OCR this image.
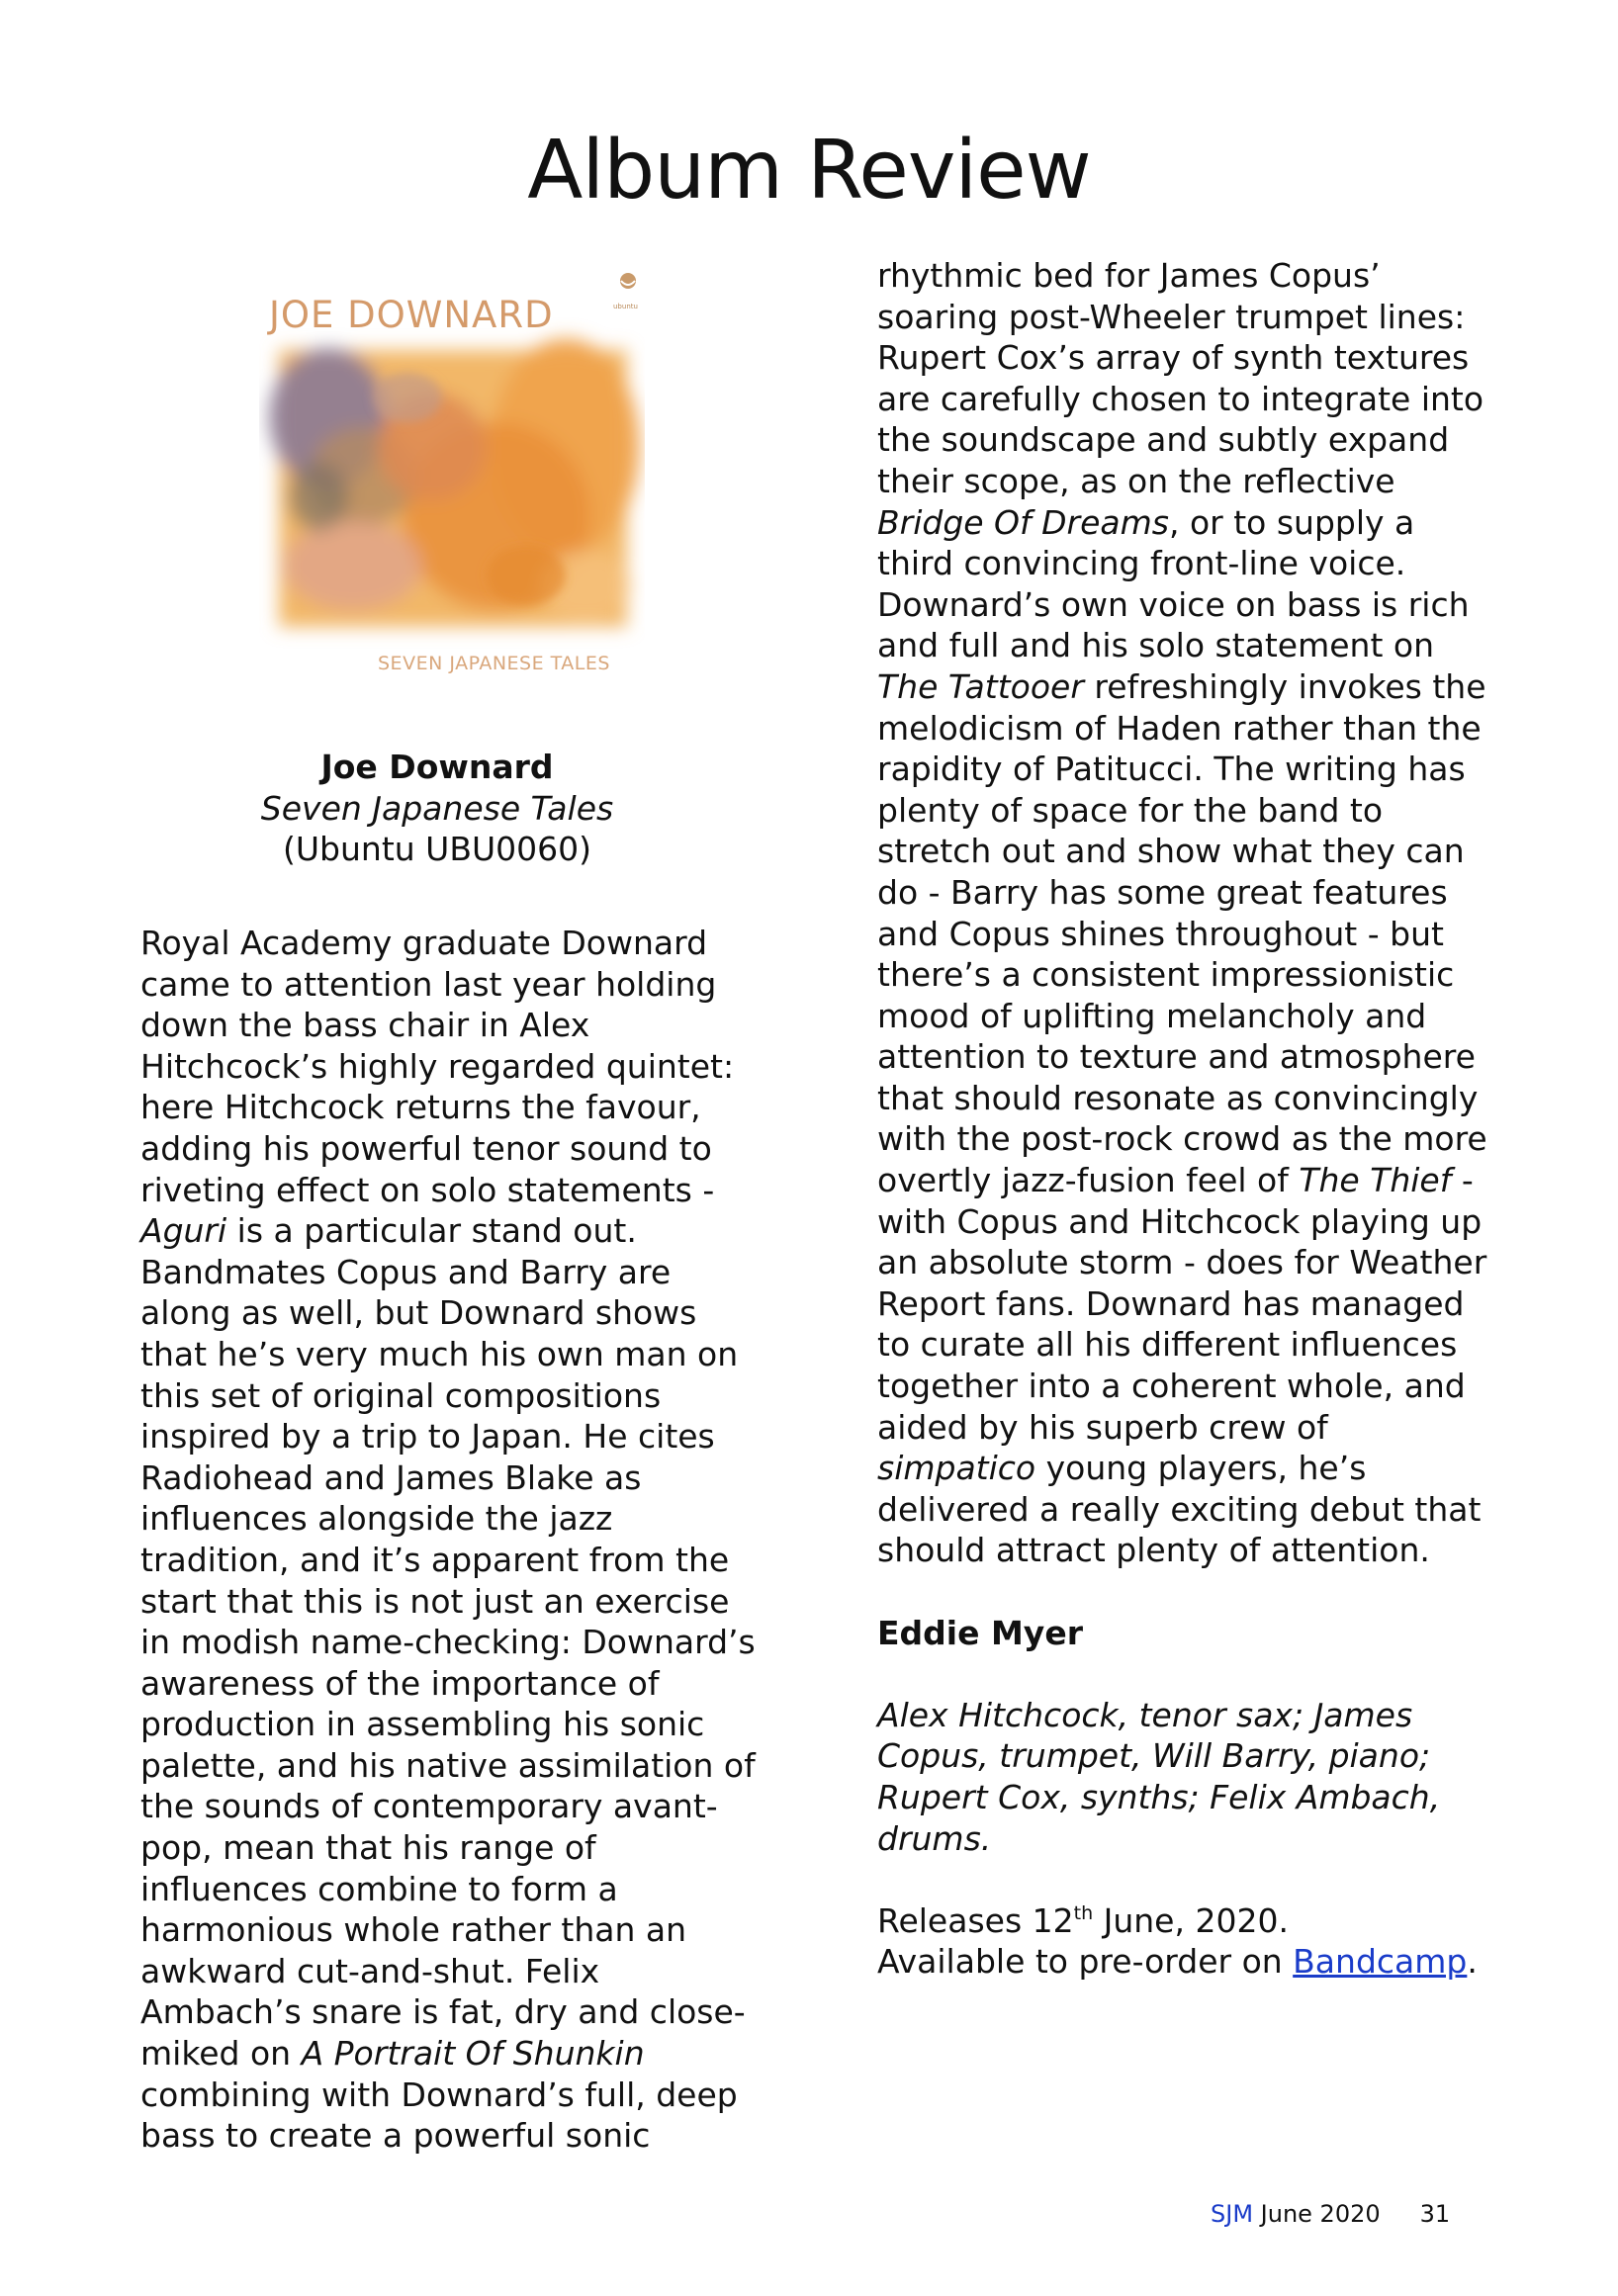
Album Review
JOE DOWNARD	ubuntu
SEVEN JAPANESE TALES
Joe Downard
Seven Japanese Tales
(Ubuntu UBU0060)
Royal Academy graduate Downard
came to attention last year holding
down the bass chair in Alex
Hitchcock’s highly regarded quintet:
here Hitchcock returns the favour,
adding his powerful tenor sound to
riveting effect on solo statements -
Aguri is a particular stand out.
Bandmates Copus and Barry are
along as well, but Downard shows
that he’s very much his own man on
this set of original compositions
inspired by a trip to Japan. He cites
Radiohead and James Blake as
influences alongside the jazz
tradition, and it’s apparent from the
start that this is not just an exercise
in modish name-checking: Downard’s
awareness of the importance of
production in assembling his sonic
palette, and his native assimilation of
the sounds of contemporary avant-
pop, mean that his range of
influences combine to form a
harmonious whole rather than an
awkward cut-and-shut. Felix
Ambach’s snare is fat, dry and close-
miked on A Portrait Of Shunkin
combining with Downard’s full, deep
bass to create a powerful sonic
rhythmic bed for James Copus’
soaring post-Wheeler trumpet lines:
Rupert Cox’s array of synth textures
are carefully chosen to integrate into
the soundscape and subtly expand
their scope, as on the reflective
Bridge Of Dreams, or to supply a
third convincing front-line voice.
Downard’s own voice on bass is rich
and full and his solo statement on
The Tattooer refreshingly invokes the
melodicism of Haden rather than the
rapidity of Patitucci. The writing has
plenty of space for the band to
stretch out and show what they can
do - Barry has some great features
and Copus shines throughout - but
there’s a consistent impressionistic
mood of uplifting melancholy and
attention to texture and atmosphere
that should resonate as convincingly
with the post-rock crowd as the more
overtly jazz-fusion feel of The Thief -
with Copus and Hitchcock playing up
an absolute storm - does for Weather
Report fans. Downard has managed
to curate all his different influences
together into a coherent whole, and
aided by his superb crew of
simpatico young players, he’s
delivered a really exciting debut that
should attract plenty of attention.
Eddie Myer
Alex Hitchcock, tenor sax; James
Copus, trumpet, Will Barry, piano;
Rupert Cox, synths; Felix Ambach,
drums.
Releases 12th June, 2020.
Available to pre-order on Bandcamp.
SJM June 2020 31
